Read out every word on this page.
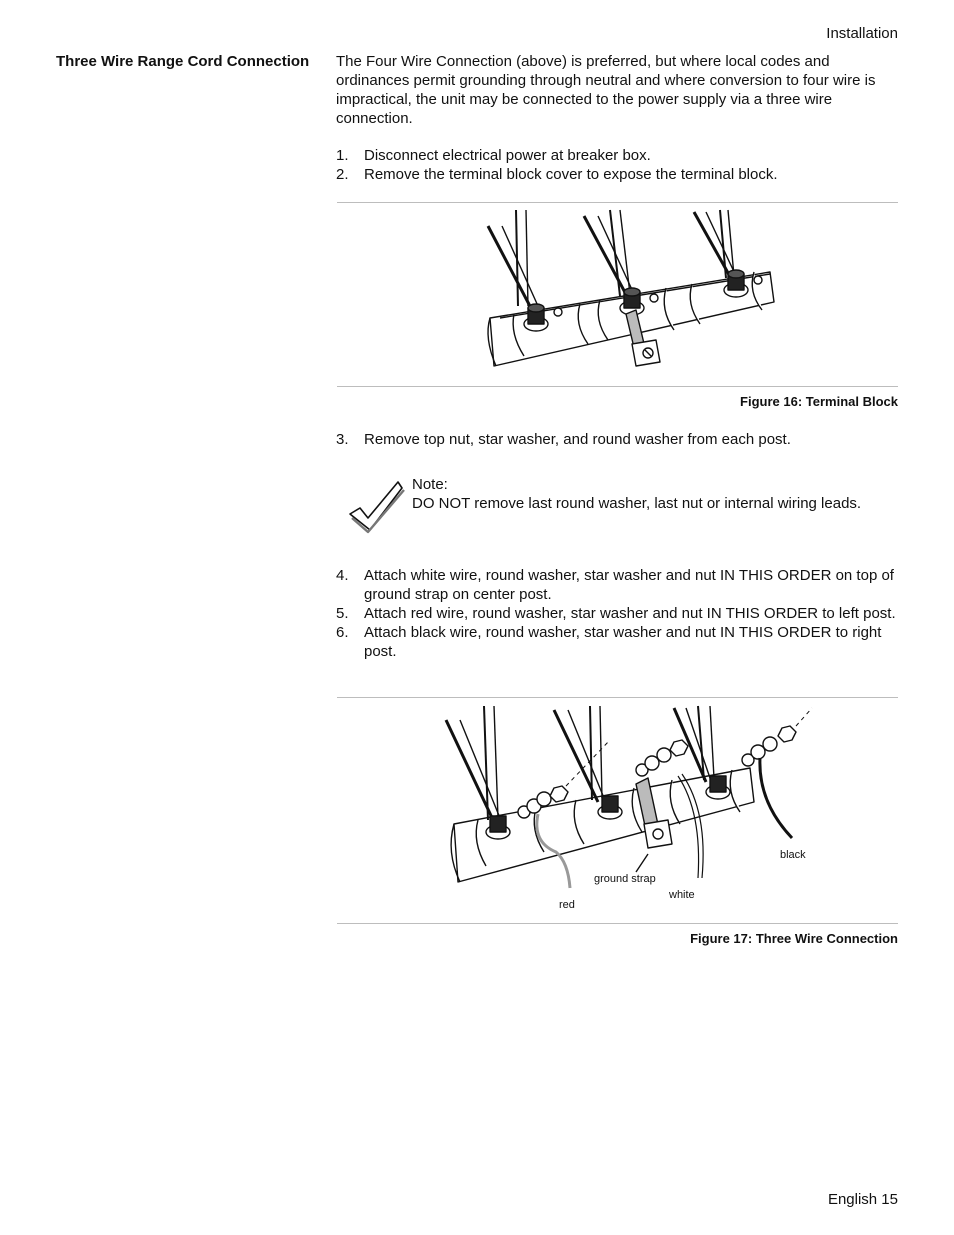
Installation
Three Wire Range Cord Connection The Four Wire Connection (above) is preferred, but where local codes and ordinances permit grounding through neutral and where conversion to four wire is impractical, the unit may be connected to the power supply via a three wire connection.
1. Disconnect electrical power at breaker box.
2. Remove the terminal block cover to expose the terminal block.
Figure 16: Terminal Block
3. Remove top nut, star washer, and round washer from each post.
Note:
DO NOT remove last round washer, last nut or internal wiring leads.
4. Attach white wire, round washer, star washer and nut IN THIS ORDER on top of ground strap on center post.
5. Attach red wire, round washer, star washer and nut IN THIS ORDER to left post.
6. Attach black wire, round washer, star washer and nut IN THIS ORDER to right post.
black
ground strap
white
red
Figure 17: Three Wire Connection
English 15
